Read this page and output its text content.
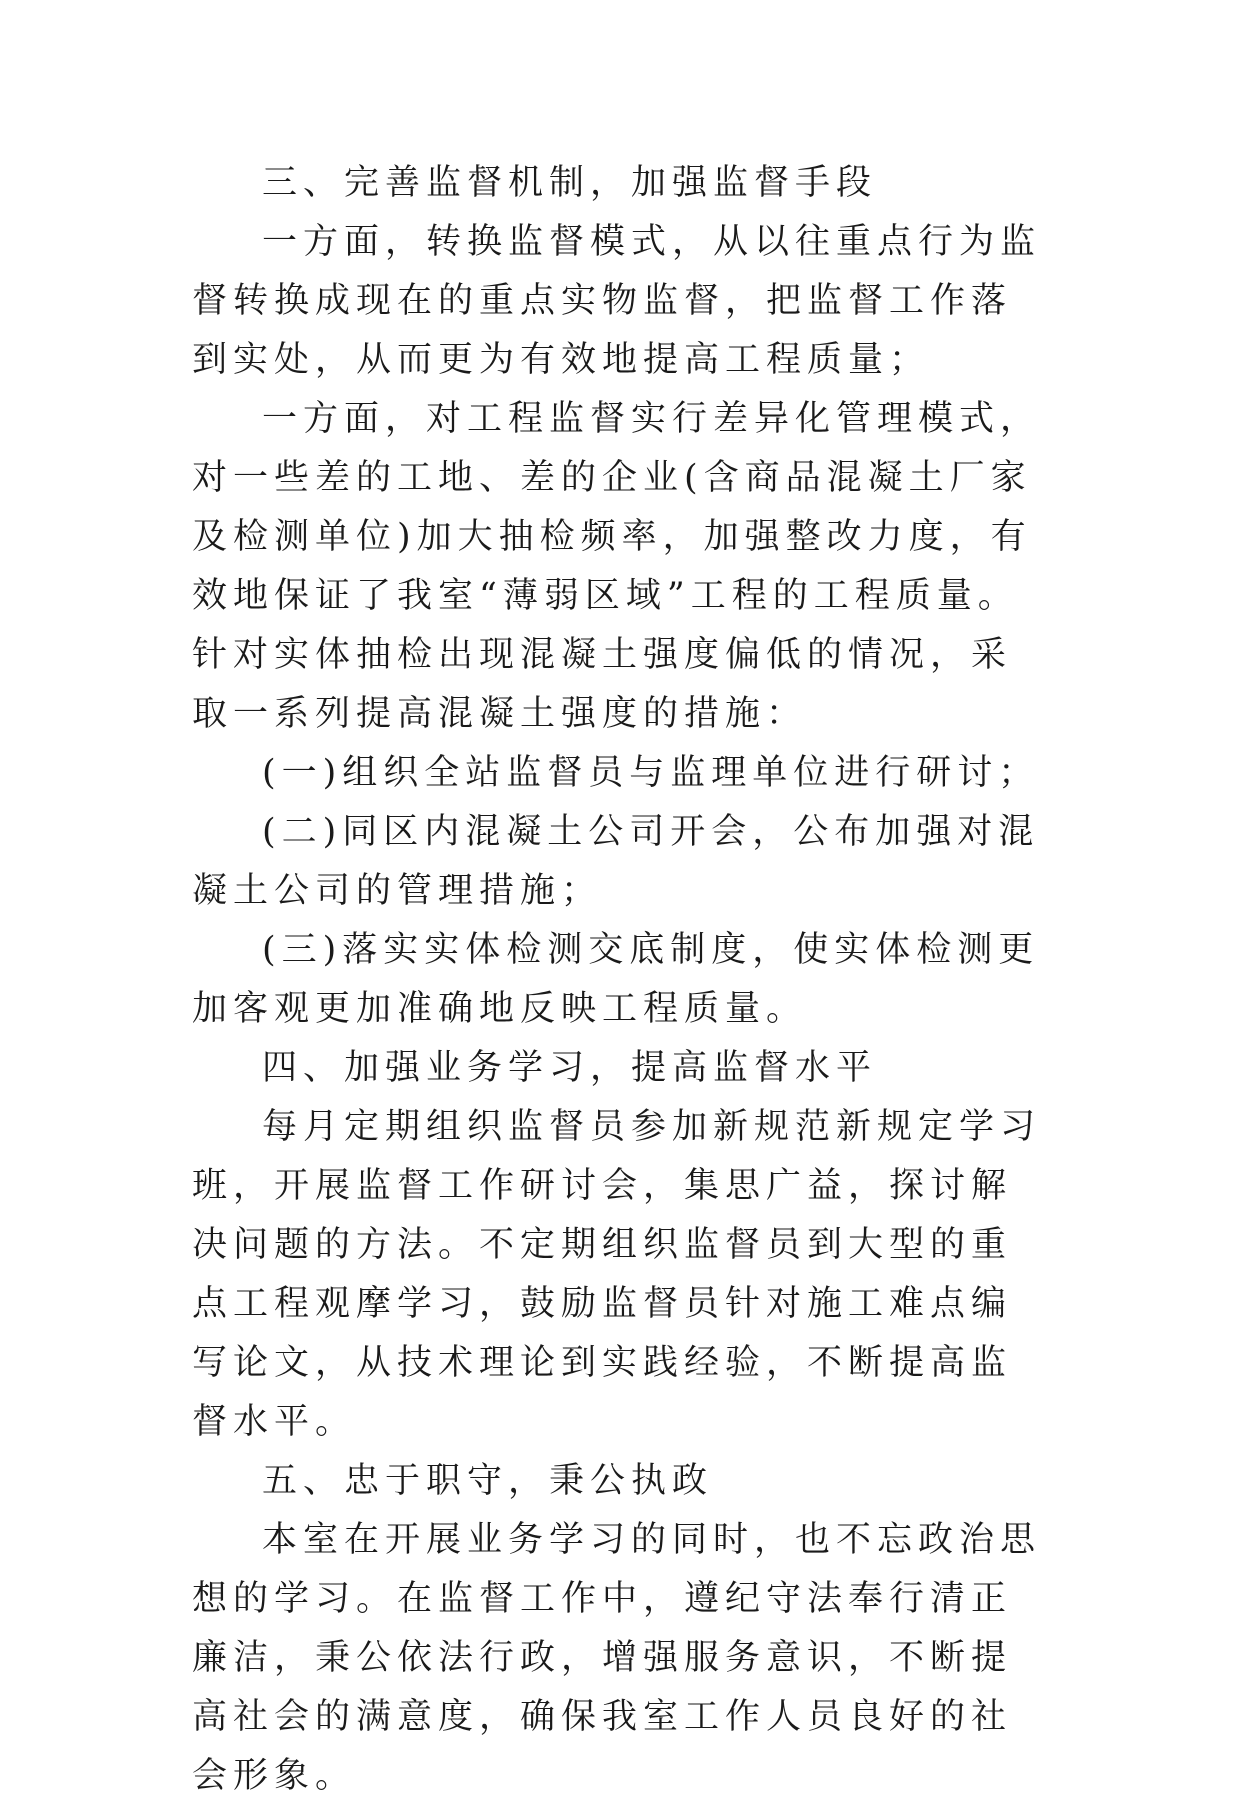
三、完善监督机制，加强监督手段

一方面，转换监督模式，从以往重点行为监督转换成现在的重点实物监督，把监督工作落到实处，从而更为有效地提高工程质量；

一方面，对工程监督实行差异化管理模式，对一些差的工地、差的企业(含商品混凝土厂家及检测单位)加大抽检频率，加强整改力度，有效地保证了我室“薄弱区域”工程的工程质量。针对实体抽检出现混凝土强度偏低的情况，采取一系列提高混凝土强度的措施：

(一)组织全站监督员与监理单位进行研讨；

(二)同区内混凝土公司开会，公布加强对混凝土公司的管理措施；

(三)落实实体检测交底制度，使实体检测更加客观更加准确地反映工程质量。

四、加强业务学习，提高监督水平

每月定期组织监督员参加新规范新规定学习班，开展监督工作研讨会，集思广益，探讨解决问题的方法。不定期组织监督员到大型的重点工程观摩学习，鼓励监督员针对施工难点编写论文，从技术理论到实践经验，不断提高监督水平。

五、忠于职守，秉公执政

本室在开展业务学习的同时，也不忘政治思想的学习。在监督工作中，遵纪守法奉行清正廉洁，秉公依法行政，增强服务意识，不断提高社会的满意度，确保我室工作人员良好的社会形象。
